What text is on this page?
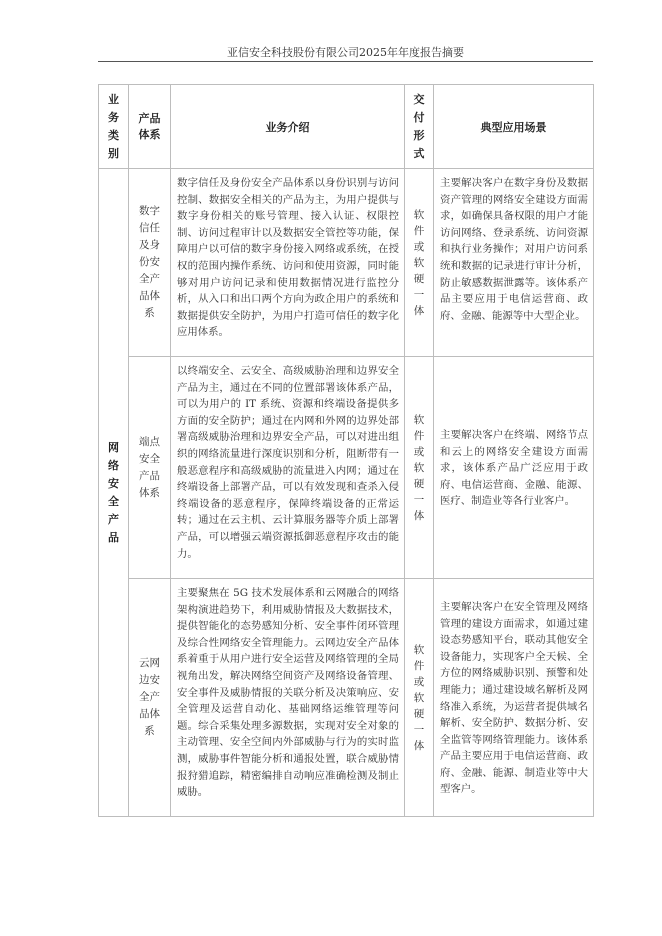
亚信安全科技股份有限公司2025年年度报告摘要
业务类别	产品体系	业务介绍	交付形式	典型应用场景

网络安全产品	数字信任及身份安全产品体系	数字信任及身份安全产品体系以身份识别与访问控制、数据安全相关的产品为主，为用户提供与数字身份相关的账号管理、接入认证、权限控制、访问过程审计以及数据安全管控等功能，保障用户以可信的数字身份接入网络或系统，在授权的范围内操作系统、访问和使用资源，同时能够对用户访问记录和使用数据情况进行监控分析，从入口和出口两个方向为政企用户的系统和数据提供安全防护，为用户打造可信任的数字化应用体系。	软件或软硬一体	主要解决客户在数字身份及数据资产管理的网络安全建设方面需求，如确保具备权限的用户才能访问网络、登录系统、访问资源和执行业务操作；对用户访问系统和数据的记录进行审计分析，防止敏感数据泄露等。该体系产品主要应用于电信运营商、政府、金融、能源等中大型企业。

	端点安全产品体系	以终端安全、云安全、高级威胁治理和边界安全产品为主，通过在不同的位置部署该体系产品，可以为用户的 IT 系统、资源和终端设备提供多方面的安全防护；通过在内网和外网的边界处部署高级威胁治理和边界安全产品，可以对进出组织的网络流量进行深度识别和分析，阻断带有一般恶意程序和高级威胁的流量进入内网；通过在终端设备上部署产品，可以有效发现和查杀入侵终端设备的恶意程序，保障终端设备的正常运转；通过在云主机、云计算服务器等介质上部署产品，可以增强云端资源抵御恶意程序攻击的能力。	软件或软硬一体	主要解决客户在终端、网络节点和云上的网络安全建设方面需求，该体系产品广泛应用于政府、电信运营商、金融、能源、医疗、制造业等各行业客户。

	云网边安全产品体系	主要聚焦在 5G 技术发展体系和云网融合的网络架构演进趋势下，利用威胁情报及大数据技术，提供智能化的态势感知分析、安全事件闭环管理及综合性网络安全管理能力。云网边安全产品体系着重于从用户进行安全运营及网络管理的全局视角出发，解决网络空间资产及网络设备管理、安全事件及威胁情报的关联分析及决策响应、安全管理及运营自动化、基础网络运维管理等问题。综合采集处理多源数据，实现对安全对象的主动管理、安全空间内外部威胁与行为的实时监测，威胁事件智能分析和通报处置，联合威胁情报狩猎追踪，精密编排自动响应准确检测及制止威胁。	软件或软硬一体	主要解决客户在安全管理及网络管理的建设方面需求，如通过建设态势感知平台，联动其他安全设备能力，实现客户全天候、全方位的网络威胁识别、预警和处理能力；通过建设域名解析及网络准入系统，为运营者提供域名解析、安全防护、数据分析、安全监管等网络管理能力。该体系产品主要应用于电信运营商、政府、金融、能源、制造业等中大型客户。
